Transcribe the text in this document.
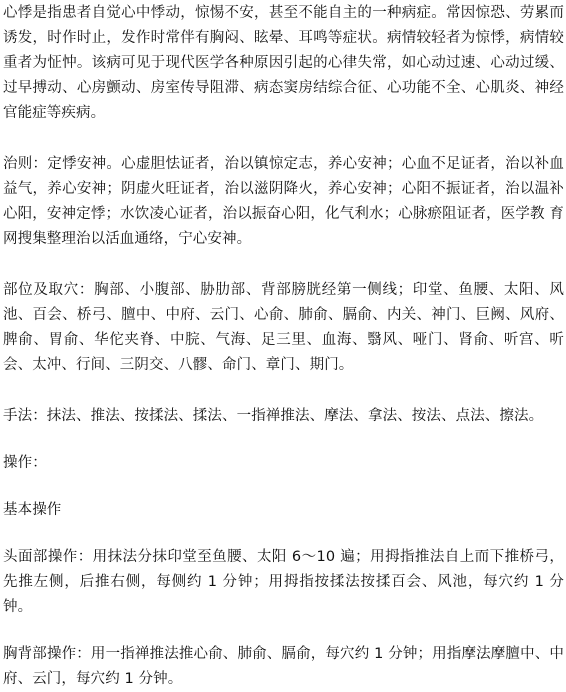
心悸是指患者自觉心中悸动，惊惕不安，甚至不能自主的一种病症。常因惊恐、劳累而诱发，时作时止，发作时常伴有胸闷、眩晕、耳鸣等症状。病情较轻者为惊悸，病情较重者为怔忡。该病可见于现代医学各种原因引起的心律失常，如心动过速、心动过缓、过早搏动、心房颤动、房室传导阻滞、病态窦房结综合征、心功能不全、心肌炎、神经官能症等疾病。

治则：定悸安神。心虚胆怯证者，治以镇惊定志，养心安神；心血不足证者，治以补血益气，养心安神；阴虚火旺证者，治以滋阴降火，养心安神；心阳不振证者，治以温补心阳，安神定悸；水饮凌心证者，治以振奋心阳，化气利水；心脉瘀阻证者，医学教 育网搜集整理治以活血通络，宁心安神。

部位及取穴：胸部、小腹部、胁肋部、背部膀胱经第一侧线；印堂、鱼腰、太阳、风池、百会、桥弓、膻中、中府、云门、心俞、肺俞、膈俞、内关、神门、巨阙、风府、脾俞、胃俞、华佗夹脊、中脘、气海、足三里、血海、翳风、哑门、肾俞、听宫、听会、太冲、行间、三阴交、八髎、命门、章门、期门。

手法：抹法、推法、按揉法、揉法、一指禅推法、摩法、拿法、按法、点法、擦法。

操作：

基本操作

头面部操作：用抹法分抹印堂至鱼腰、太阳 6～10 遍；用拇指推法自上而下推桥弓，先推左侧，后推右侧，每侧约 1 分钟；用拇指按揉法按揉百会、风池，每穴约 1 分钟。

胸背部操作：用一指禅推法推心俞、肺俞、膈俞，每穴约 1 分钟；用指摩法摩膻中、中府、云门，每穴约 1 分钟。
